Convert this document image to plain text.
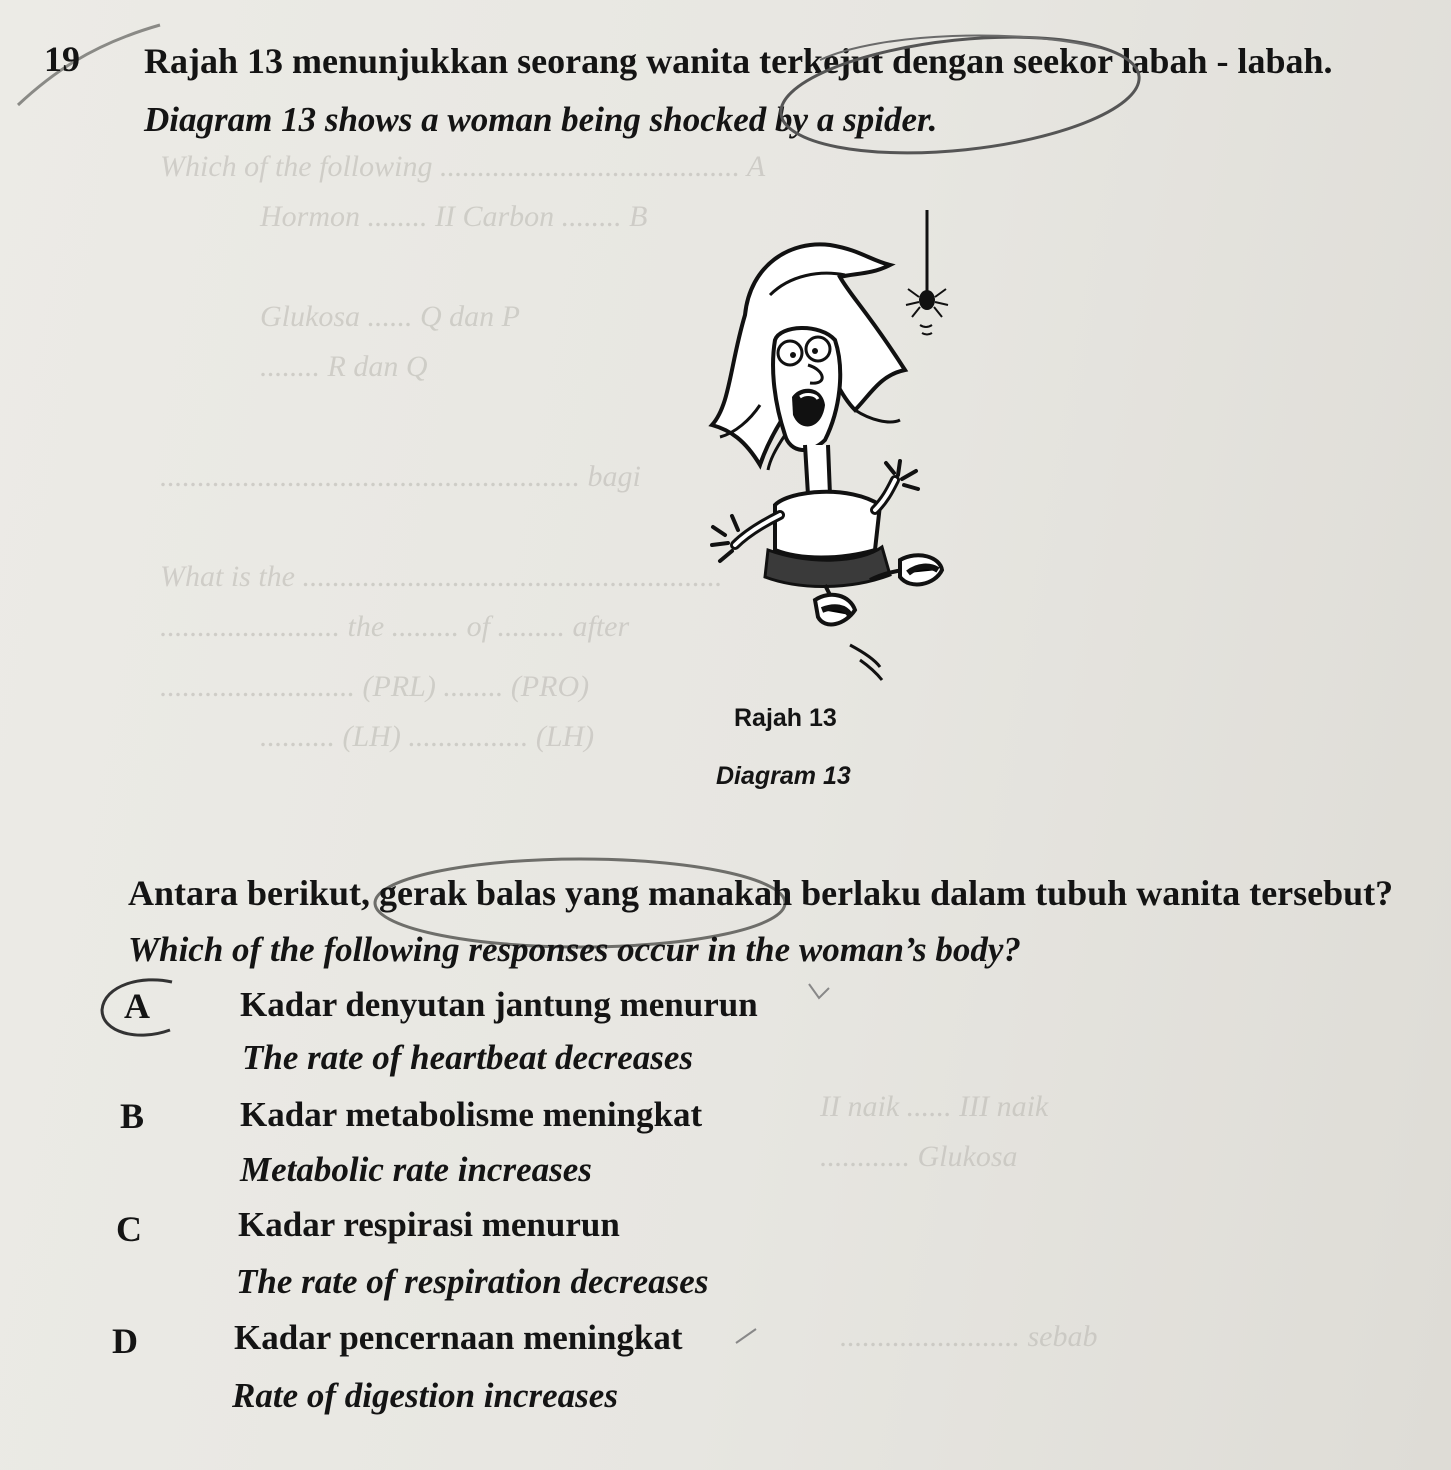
Which of the following ........................................ A
Hormon ........ II Carbon ........ B
Glukosa ...... Q dan P
........ R dan Q
........................................................ bagi
What is the ........................................................
........................ the ......... of ......... after
.......................... (PRL) ........ (PRO)
.......... (LH) ................ (LH)
II naik ...... III naik
............ Glukosa
........................ sebab
19 Rajah 13 menunjukkan seorang wanita terkejut dengan seekor labah - labah.
Diagram 13 shows a woman being shocked by a spider.
Rajah 13
Diagram 13
Antara berikut, gerak balas yang manakah berlaku dalam tubuh wanita tersebut?
Which of the following responses occur in the woman’s body?
A	Kadar denyutan jantung menurun
The rate of heartbeat decreases
B	Kadar metabolisme meningkat
Metabolic rate increases
C	Kadar respirasi menurun
The rate of respiration decreases
D	Kadar pencernaan meningkat
Rate of digestion increases
